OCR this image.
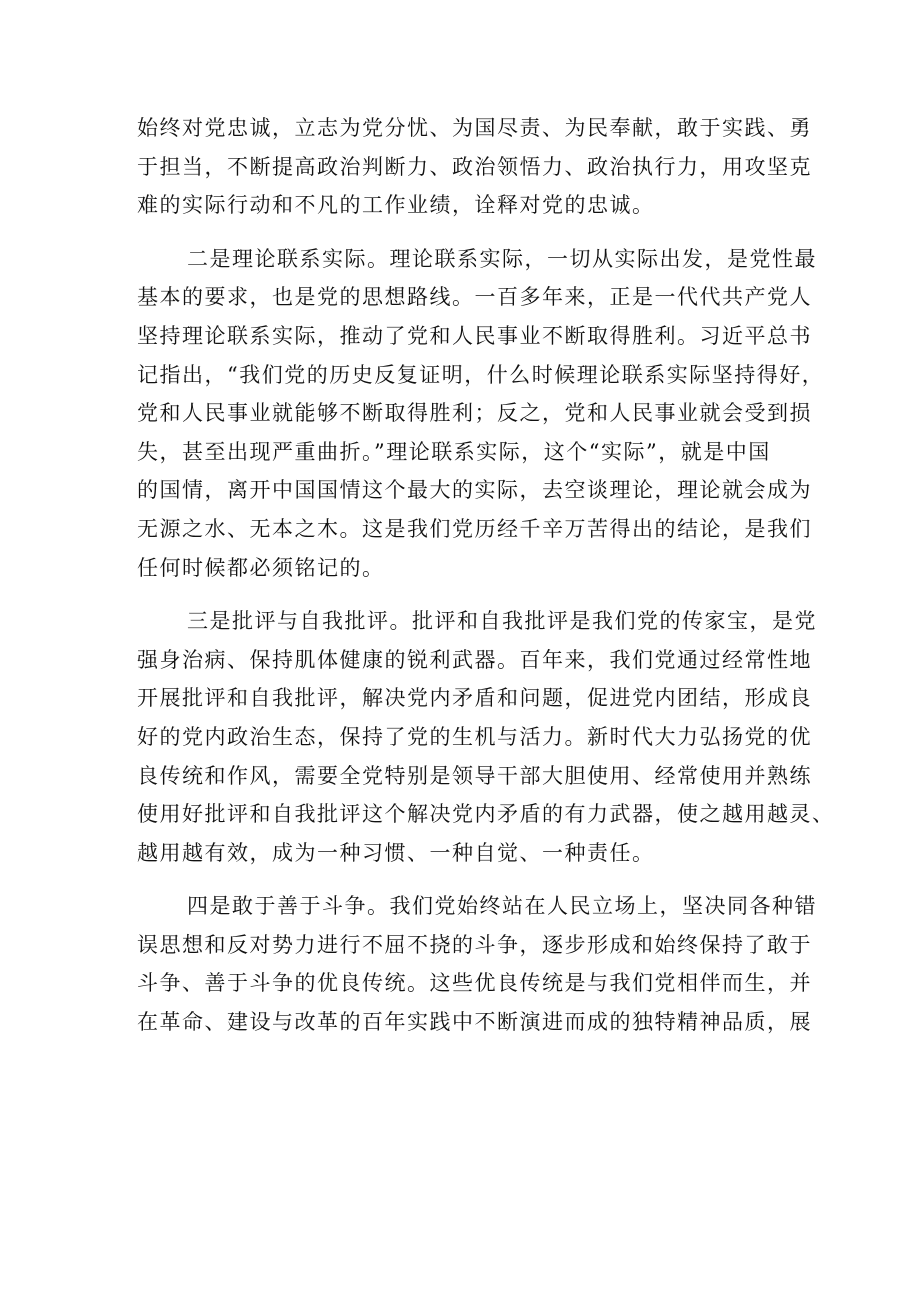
始终对党忠诚，立志为党分忧、为国尽责、为民奉献，敢于实践、勇
于担当，不断提高政治判断力、政治领悟力、政治执行力，用攻坚克
难的实际行动和不凡的工作业绩，诠释对党的忠诚。
二是理论联系实际。理论联系实际，一切从实际出发，是党性最
基本的要求，也是党的思想路线。一百多年来，正是一代代共产党人
坚持理论联系实际，推动了党和人民事业不断取得胜利。习近平总书
记指出，“我们党的历史反复证明，什么时候理论联系实际坚持得好，
党和人民事业就能够不断取得胜利；反之，党和人民事业就会受到损
失，甚至出现严重曲折。”理论联系实际，这个“实际”，就是中国
的国情，离开中国国情这个最大的实际，去空谈理论，理论就会成为
无源之水、无本之木。这是我们党历经千辛万苦得出的结论，是我们
任何时候都必须铭记的。
三是批评与自我批评。批评和自我批评是我们党的传家宝，是党
强身治病、保持肌体健康的锐利武器。百年来，我们党通过经常性地
开展批评和自我批评，解决党内矛盾和问题，促进党内团结，形成良
好的党内政治生态，保持了党的生机与活力。新时代大力弘扬党的优
良传统和作风，需要全党特别是领导干部大胆使用、经常使用并熟练
使用好批评和自我批评这个解决党内矛盾的有力武器，使之越用越灵、
越用越有效，成为一种习惯、一种自觉、一种责任。
四是敢于善于斗争。我们党始终站在人民立场上，坚决同各种错
误思想和反对势力进行不屈不挠的斗争，逐步形成和始终保持了敢于
斗争、善于斗争的优良传统。这些优良传统是与我们党相伴而生，并
在革命、建设与改革的百年实践中不断演进而成的独特精神品质，展
